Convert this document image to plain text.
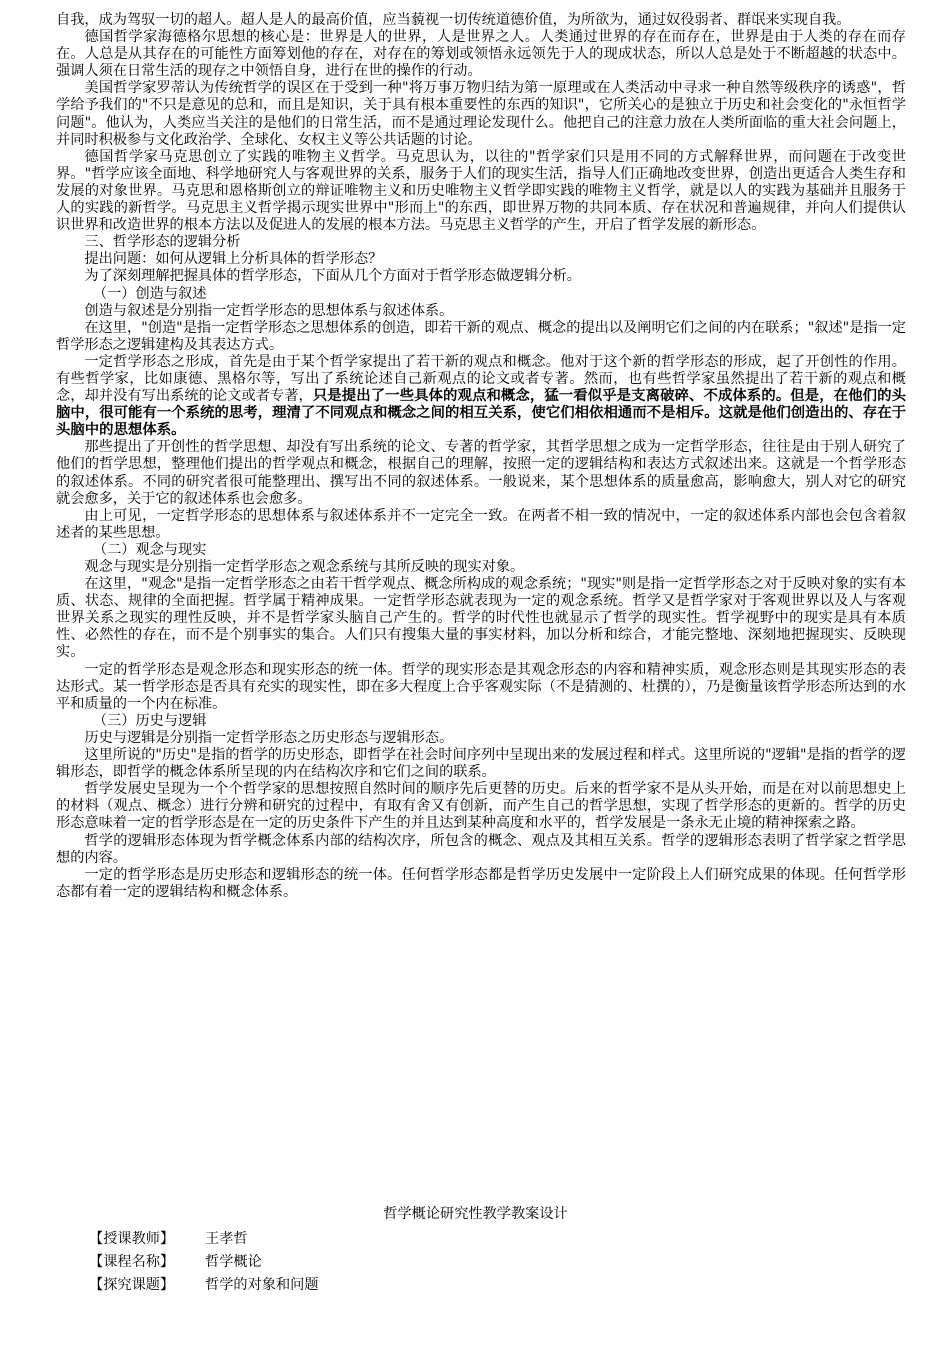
自我，成为驾驭一切的超人。超人是人的最高价值，应当藐视一切传统道德价值，为所欲为，通过奴役弱者、群氓来实现自我。

德国哲学家海德格尔思想的核心是：世界是人的世界，人是世界之人。人类通过世界的存在而存在，世界是由于人类的存在而存在。人总是从其存在的可能性方面筹划他的存在，对存在的筹划或领悟永远领先于人的现成状态，所以人总是处于不断超越的状态中。强调人须在日常生活的现存之中领悟自身，进行在世的操作的行动。

美国哲学家罗蒂认为传统哲学的误区在于受到一种"将万事万物归结为第一原理或在人类活动中寻求一种自然等级秩序的诱惑"，哲学给予我们的"不只是意见的总和，而且是知识，关于具有根本重要性的东西的知识"，它所关心的是独立于历史和社会变化的"永恒哲学问题"。他认为，人类应当关注的是他们的日常生活，而不是通过理论发现什么。他把自己的注意力放在人类所面临的重大社会问题上，并同时积极参与文化政治学、全球化、女权主义等公共话题的讨论。

德国哲学家马克思创立了实践的唯物主义哲学。马克思认为，以往的"哲学家们只是用不同的方式解释世界，而问题在于改变世界。"哲学应该全面地、科学地研究人与客观世界的关系，服务于人们的现实生活，指导人们正确地改变世界，创造出更适合人类生存和发展的对象世界。马克思和恩格斯创立的辩证唯物主义和历史唯物主义哲学即实践的唯物主义哲学，就是以人的实践为基础并且服务于人的实践的新哲学。马克思主义哲学揭示现实世界中"形而上"的东西，即世界万物的共同本质、存在状况和普遍规律，并向人们提供认识世界和改造世界的根本方法以及促进人的发展的根本方法。马克思主义哲学的产生，开启了哲学发展的新形态。

三、哲学形态的逻辑分析

提出问题：如何从逻辑上分析具体的哲学形态？

为了深刻理解把握具体的哲学形态，下面从几个方面对于哲学形态做逻辑分析。

（一）创造与叙述

创造与叙述是分别指一定哲学形态的思想体系与叙述体系。

在这里，"创造"是指一定哲学形态之思想体系的创造，即若干新的观点、概念的提出以及阐明它们之间的内在联系；"叙述"是指一定哲学形态之逻辑建构及其表达方式。

一定哲学形态之形成，首先是由于某个哲学家提出了若干新的观点和概念。他对于这个新的哲学形态的形成，起了开创性的作用。有些哲学家，比如康德、黑格尔等，写出了系统论述自己新观点的论文或者专著。然而，也有些哲学家虽然提出了若干新的观点和概念，却并没有写出系统的论文或者专著，只是提出了一些具体的观点和概念，猛一看似乎是支离破碎、不成体系的。但是，在他们的头脑中，很可能有一个系统的思考，理清了不同观点和概念之间的相互关系，使它们相依相通而不是相斥。这就是他们创造出的、存在于头脑中的思想体系。

那些提出了开创性的哲学思想、却没有写出系统的论文、专著的哲学家，其哲学思想之成为一定哲学形态，往往是由于别人研究了他们的哲学思想，整理他们提出的哲学观点和概念，根据自己的理解，按照一定的逻辑结构和表达方式叙述出来。这就是一个哲学形态的叙述体系。不同的研究者很可能整理出、撰写出不同的叙述体系。一般说来，某个思想体系的质量愈高，影响愈大，别人对它的研究就会愈多，关于它的叙述体系也会愈多。

由上可见，一定哲学形态的思想体系与叙述体系并不一定完全一致。在两者不相一致的情况中，一定的叙述体系内部也会包含着叙述者的某些思想。

（二）观念与现实

观念与现实是分别指一定哲学形态之观念系统与其所反映的现实对象。

在这里，"观念"是指一定哲学形态之由若干哲学观点、概念所构成的观念系统；"现实"则是指一定哲学形态之对于反映对象的实有本质、状态、规律的全面把握。哲学属于精神成果。一定哲学形态就表现为一定的观念系统。哲学又是哲学家对于客观世界以及人与客观世界关系之现实的理性反映，并不是哲学家头脑自己产生的。哲学的时代性也就显示了哲学的现实性。哲学视野中的现实是具有本质性、必然性的存在，而不是个别事实的集合。人们只有搜集大量的事实材料，加以分析和综合，才能完整地、深刻地把握现实、反映现实。

一定的哲学形态是观念形态和现实形态的统一体。哲学的现实形态是其观念形态的内容和精神实质，观念形态则是其现实形态的表达形式。某一哲学形态是否具有充实的现实性，即在多大程度上合乎客观实际（不是猜测的、杜撰的），乃是衡量该哲学形态所达到的水平和质量的一个内在标准。

（三）历史与逻辑

历史与逻辑是分别指一定哲学形态之历史形态与逻辑形态。

这里所说的"历史"是指的哲学的历史形态，即哲学在社会时间序列中呈现出来的发展过程和样式。这里所说的"逻辑"是指的哲学的逻辑形态，即哲学的概念体系所呈现的内在结构次序和它们之间的联系。

哲学发展史呈现为一个个哲学家的思想按照自然时间的顺序先后更替的历史。后来的哲学家不是从头开始，而是在对以前思想史上的材料（观点、概念）进行分辨和研究的过程中，有取有舍又有创新，而产生自己的哲学思想，实现了哲学形态的更新的。哲学的历史形态意味着一定的哲学形态是在一定的历史条件下产生的并且达到某种高度和水平的，哲学发展是一条永无止境的精神探索之路。

哲学的逻辑形态体现为哲学概念体系内部的结构次序，所包含的概念、观点及其相互关系。哲学的逻辑形态表明了哲学家之哲学思想的内容。

一定的哲学形态是历史形态和逻辑形态的统一体。任何哲学形态都是哲学历史发展中一定阶段上人们研究成果的体现。任何哲学形态都有着一定的逻辑结构和概念体系。

哲学概论研究性教学教案设计
【授课教师】 王孝哲
【课程名称】 哲学概论
【探究课题】 哲学的对象和问题
